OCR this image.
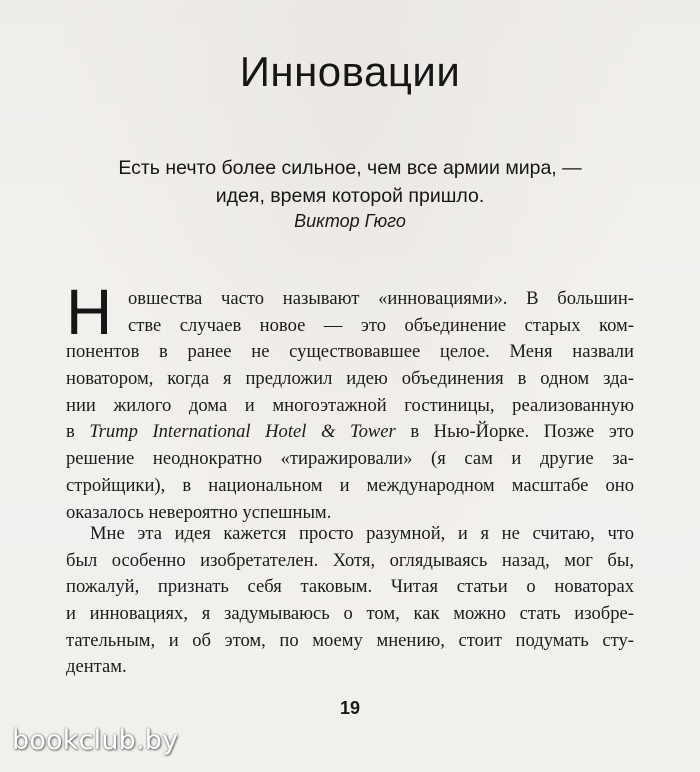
Инновации
Есть нечто более сильное, чем все армии мира, —
идея, время которой пришло.
Виктор Гюго
Н овшества часто называют «инновациями». В большин-
стве случаев новое — это объединение старых ком-
понентов в ранее не существовавшее целое. Меня назвали
новатором, когда я предложил идею объединения в одном зда-
нии жилого дома и многоэтажной гостиницы, реализованную
в Trump International Hotel & Tower в Нью-Йорке. Позже это
решение неоднократно «тиражировали» (я сам и другие за-
стройщики), в национальном и международном масштабе оно
оказалось невероятно успешным.
Мне эта идея кажется просто разумной, и я не считаю, что
был особенно изобретателен. Хотя, оглядываясь назад, мог бы,
пожалуй, признать себя таковым. Читая статьи о новаторах
и инновациях, я задумываюсь о том, как можно стать изобре-
тательным, и об этом, по моему мнению, стоит подумать сту-
дентам.
19
bookclub.by
